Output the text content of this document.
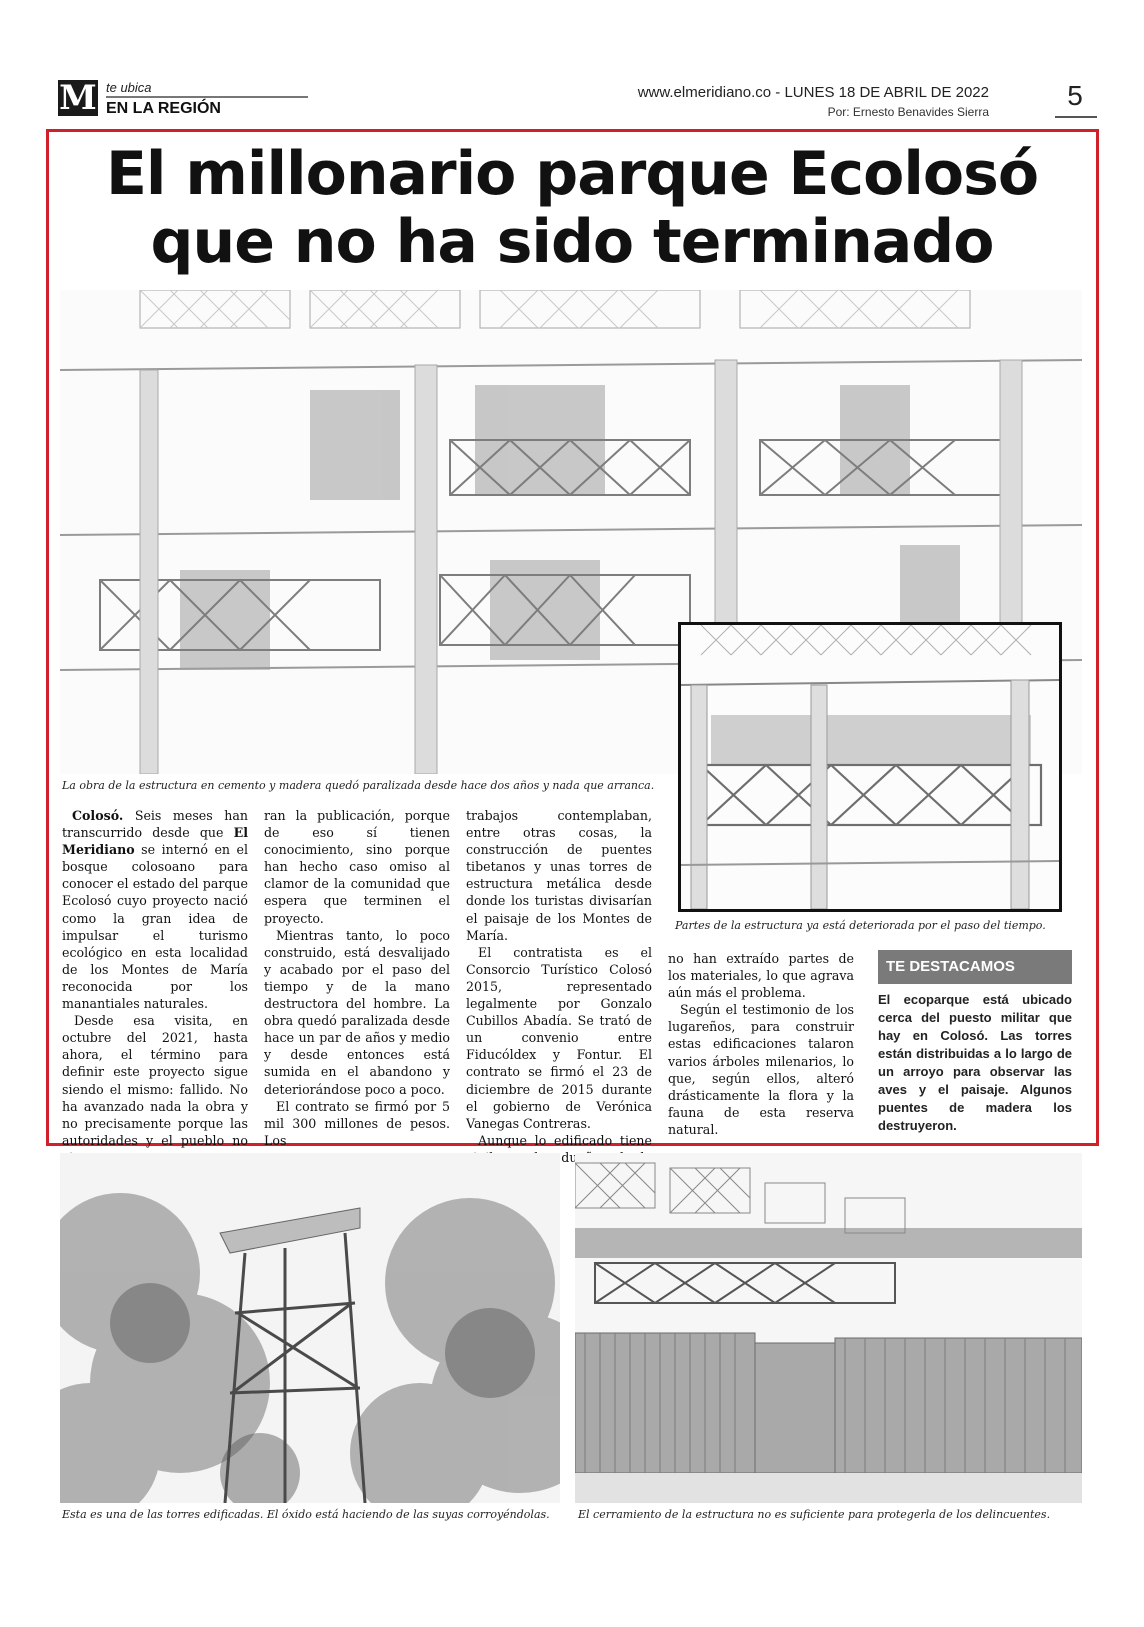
M te ubica
EN LA REGIÓN
www.elmeridiano.co - LUNES 18 DE ABRIL DE 2022
Por: Ernesto Benavides Sierra
5
El millonario parque Ecolosó que no ha sido terminado
La obra de la estructura en cemento y madera quedó paralizada desde hace dos años y nada que arranca.
Partes de la estructura ya está deteriorada por el paso del tiempo.

Colosó. Seis meses han transcurrido desde que El Meridiano se internó en el bosque colosoano para conocer el estado del parque Ecolosó cuyo proyecto nació como la gran idea de impulsar el turismo ecológico en esta localidad de los Montes de María reconocida por los manantiales naturales.

Desde esa visita, en octubre del 2021, hasta ahora, el término para definir este proyecto sigue siendo el mismo: fallido. No ha avanzado nada la obra y no precisamente porque las autoridades y el pueblo no

ran la publicación, porque de eso sí tienen conocimiento, sino porque han hecho caso omiso al clamor de la comunidad que espera que terminen el proyecto.

Mientras tanto, lo poco construido, está desvalijado y acabado por el paso del tiempo y de la mano destructora del hombre. La obra quedó paralizada desde hace un par de años y medio y desde entonces está sumida en el abandono y deteriorándose poco a poco.

El contrato se firmó por 5 mil 300 millones de pesos. Los

trabajos contemplaban, entre otras cosas, la construcción de puentes tibetanos y unas torres de estructura metálica desde donde los turistas divisarían el paisaje de los Montes de María.

El contratista es el Consorcio Turístico Colosó 2015, representado legalmente por Gonzalo Cubillos Abadía. Se trató de un convenio entre Fiducóldex y Fontur. El contrato se firmó el 23 de diciembre de 2015 durante el gobierno de Verónica Vanegas Contreras.

Aunque lo edificado tiene

no han extraído partes de los materiales, lo que agrava aún más el problema.

Según el testimonio de los lugareños, para construir estas edificaciones talaron varios árboles milenarios, lo que, según ellos, alteró drásticamente la flora y la fauna de esta reserva natural.

TE DESTACAMOS
El ecoparque está ubicado cerca del puesto militar que hay en Colosó. Las torres están distribuidas a lo largo de un arroyo para observar las aves y el paisaje. Algunos puentes de madera los destruyeron.
Esta es una de las torres edificadas. El óxido está haciendo de las suyas corroyéndolas.	El cerramiento de la estructura no es suficiente para protegerla de los delincuentes.
